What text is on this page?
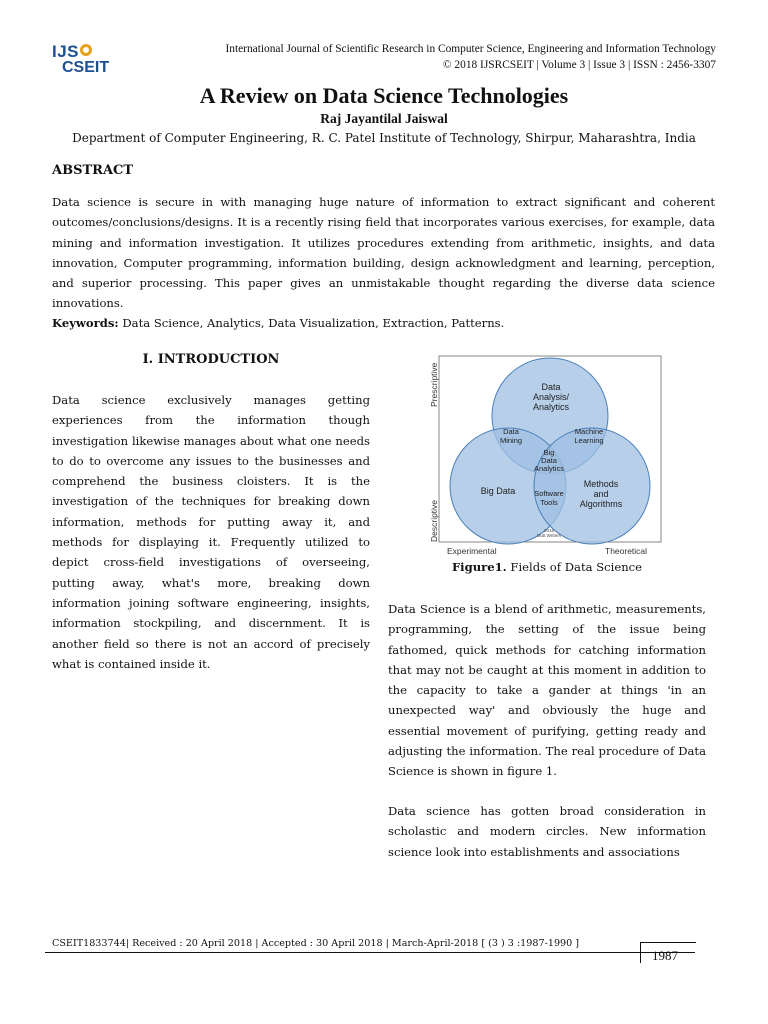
IJS
CSEIT
International Journal of Scientific Research in Computer Science, Engineering and Information Technology
© 2018 IJSRCSEIT | Volume 3 | Issue 3 | ISSN : 2456-3307
A Review on Data Science Technologies
Raj Jayantilal Jaiswal
Department of Computer Engineering, R. C. Patel Institute of Technology, Shirpur, Maharashtra, India
ABSTRACT
Data science is secure in with managing huge nature of information to extract significant and coherent outcomes/conclusions/designs. It is a recently rising field that incorporates various exercises, for example, data mining and information investigation. It utilizes procedures extending from arithmetic, insights, and data innovation, Computer programming, information building, design acknowledgment and learning, perception, and superior processing. This paper gives an unmistakable thought regarding the diverse data science innovations.
Keywords: Data Science, Analytics, Data Visualization, Extraction, Patterns.
I. INTRODUCTION
Data science exclusively manages getting experiences from the information though investigation likewise manages about what one needs to do to overcome any issues to the businesses and comprehend the business cloisters. It is the investigation of the techniques for breaking down information, methods for putting away it, and methods for displaying it. Frequently utilized to depict cross-field investigations of overseeing, putting away, what's more, breaking down information joining software engineering, insights, information stockpiling, and discernment. It is another field so there is not an accord of precisely what is contained inside it.
Prescriptive
Descriptive
Experimental	Theoretical
Data
Analysis/
Analytics
Data
Mining
Machine
Learning
Big
Data
Analytics
Big Data	Software
Tools
Methods
and
Algorithms
2015
Dutt Writers
Figure1. Fields of Data Science
Data Science is a blend of arithmetic, measurements, programming, the setting of the issue being fathomed, quick methods for catching information that may not be caught at this moment in addition to the capacity to take a gander at things 'in an unexpected way' and obviously the huge and essential movement of purifying, getting ready and adjusting the information. The real procedure of Data Science is shown in figure 1.
Data science has gotten broad consideration in scholastic and modern circles. New information science look into establishments and associations
CSEIT1833744| Received : 20 April 2018 | Accepted : 30 April 2018 | March-April-2018 [ (3 ) 3 :1987-1990 ]
1987
